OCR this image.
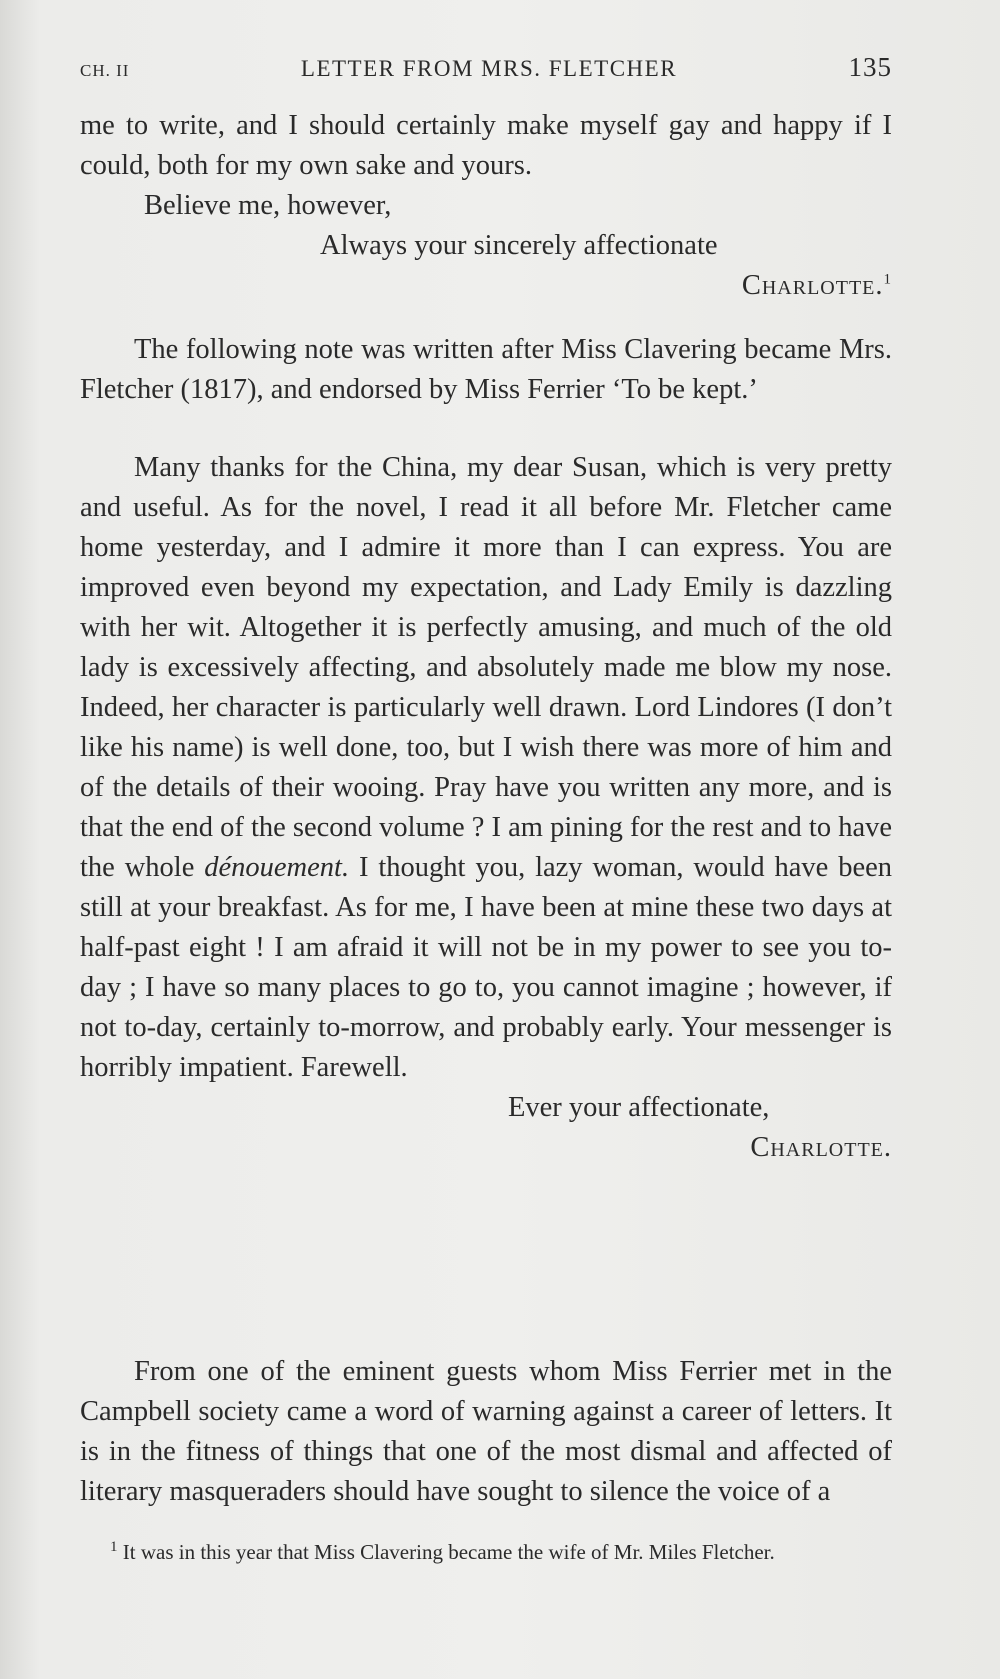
CH. II	LETTER FROM MRS. FLETCHER	135

me to write, and I should certainly make myself gay and happy if I could, both for my own sake and yours.

Believe me, however,

Always your sincerely affectionate

Charlotte.$^1$

The following note was written after Miss Clavering became Mrs. Fletcher (1817), and endorsed by Miss Ferrier ‘To be kept.’

Many thanks for the China, my dear Susan, which is very pretty and useful. As for the novel, I read it all before Mr. Fletcher came home yesterday, and I admire it more than I can express. You are improved even beyond my expectation, and Lady Emily is dazzling with her wit. Altogether it is perfectly amusing, and much of the old lady is excessively affecting, and absolutely made me blow my nose. Indeed, her character is particularly well drawn. Lord Lindores (I don’t like his name) is well done, too, but I wish there was more of him and of the details of their wooing. Pray have you written any more, and is that the end of the second volume ? I am pining for the rest and to have the whole dénouement. I thought you, lazy woman, would have been still at your breakfast. As for me, I have been at mine these two days at half-past eight ! I am afraid it will not be in my power to see you to-day ; I have so many places to go to, you cannot imagine ; however, if not to-day, certainly to-morrow, and probably early. Your messenger is horribly impatient. Farewell.

Ever your affectionate,

Charlotte.

From one of the eminent guests whom Miss Ferrier met in the Campbell society came a word of warning against a career of letters. It is in the fitness of things that one of the most dismal and affected of literary masqueraders should have sought to silence the voice of a

$^1$ It was in this year that Miss Clavering became the wife of Mr. Miles Fletcher.
